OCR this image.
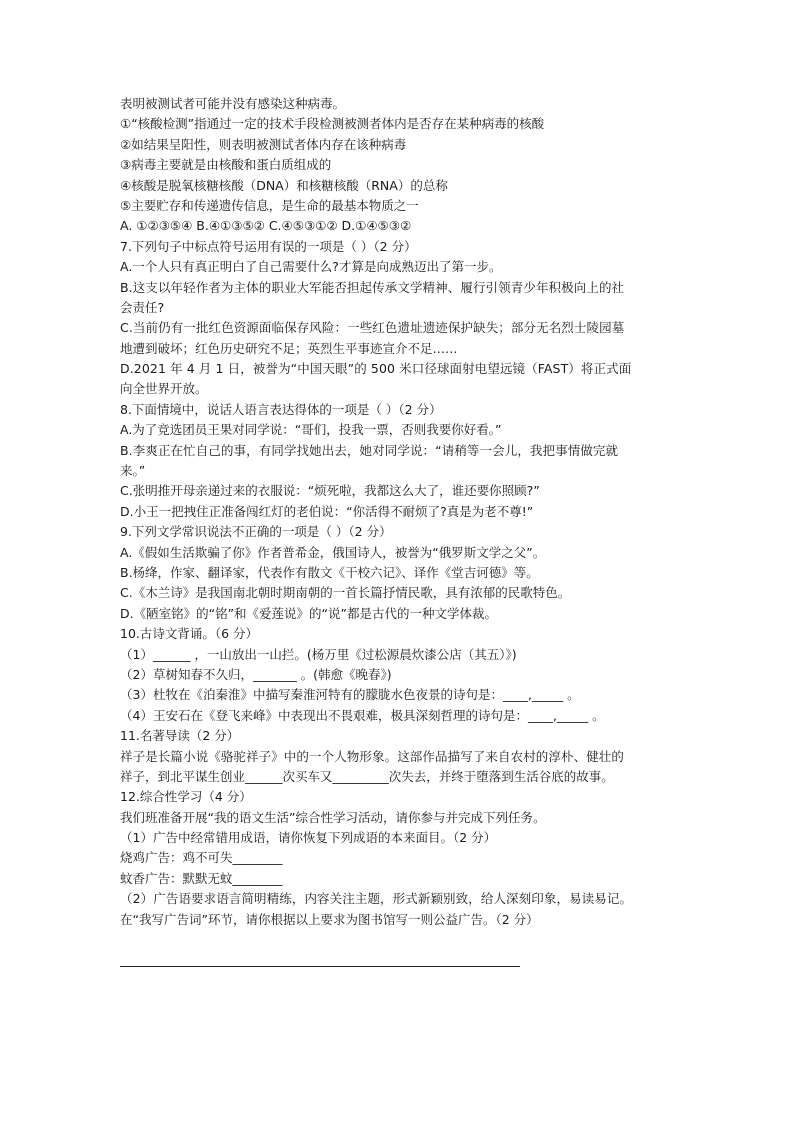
表明被测试者可能并没有感染这种病毒。
①“核酸检测”指通过一定的技术手段检测被测者体内是否存在某种病毒的核酸
②如结果呈阳性，则表明被测试者体内存在该种病毒
③病毒主要就是由核酸和蛋白质组成的
④核酸是脱氧核糖核酸（DNA）和核糖核酸（RNA）的总称
⑤主要贮存和传递遗传信息，是生命的最基本物质之一
A. ①②③⑤④ B.④①③⑤② C.④⑤③①② D.①④⑤③②
7.下列句子中标点符号运用有误的一项是（ ）（2 分）
A.一个人只有真正明白了自己需要什么?才算是向成熟迈出了第一步。
B.这支以年轻作者为主体的职业大军能否担起传承文学精神、履行引领青少年积极向上的社
会责任?
C.当前仍有一批红色资源面临保存风险：一些红色遗址遗迹保护缺失；部分无名烈士陵园墓
地遭到破坏；红色历史研究不足；英烈生平事迹宣介不足……
D.2021 年 4 月 1 日，被誉为“中国天眼”的 500 米口径球面射电望远镜（FAST）将正式面
向全世界开放。
8.下面情境中，说话人语言表达得体的一项是（ ）（2 分）
A.为了竞选团员王果对同学说：“哥们，投我一票，否则我要你好看。”
B.李爽正在忙自己的事，有同学找她出去，她对同学说：“请稍等一会儿，我把事情做完就
来。”
C.张明推开母亲递过来的衣服说：“烦死啦，我都这么大了，谁还要你照顾?”
D.小王一把拽住正准备闯红灯的老伯说：“你活得不耐烦了?真是为老不尊!”
9.下列文学常识说法不正确的一项是（ ）（2 分）
A.《假如生活欺骗了你》作者普希金，俄国诗人，被誉为“俄罗斯文学之父”。
B.杨绛，作家、翻译家，代表作有散文《干校六记》、译作《堂吉诃德》等。
C.《木兰诗》是我国南北朝时期南朝的一首长篇抒情民歌，具有浓郁的民歌特色。
D.《陋室铭》的“铭”和《爱莲说》的“说”都是古代的一种文学体裁。
10.古诗文背诵。（6 分）
（1）______ ，一山放出一山拦。(杨万里《过松源晨炊漆公店（其五）》)
（2）草树知春不久归，_______ 。(韩愈《晚春》)
（3）杜牧在《泊秦淮》中描写秦淮河特有的朦胧水色夜景的诗句是：____,_____ 。
（4）王安石在《登飞来峰》中表现出不畏艰难，极具深刻哲理的诗句是：____,_____ 。
11.名著导读（2 分）
祥子是长篇小说《骆驼祥子》中的一个人物形象。这部作品描写了来自农村的淳朴、健壮的
祥子，到北平谋生创业______次买车又_________次失去，并终于堕落到生活谷底的故事。
12.综合性学习（4 分）
我们班准备开展“我的语文生活”综合性学习活动，请你参与并完成下列任务。
（1）广告中经常错用成语，请你恢复下列成语的本来面目。（2 分）
烧鸡广告：鸡不可失________
蚊香广告：默默无蚊________
（2）广告语要求语言简明精练，内容关注主题，形式新颖别致，给人深刻印象，易读易记。
在“我写广告词”环节，请你根据以上要求为图书馆写一则公益广告。（2 分）
